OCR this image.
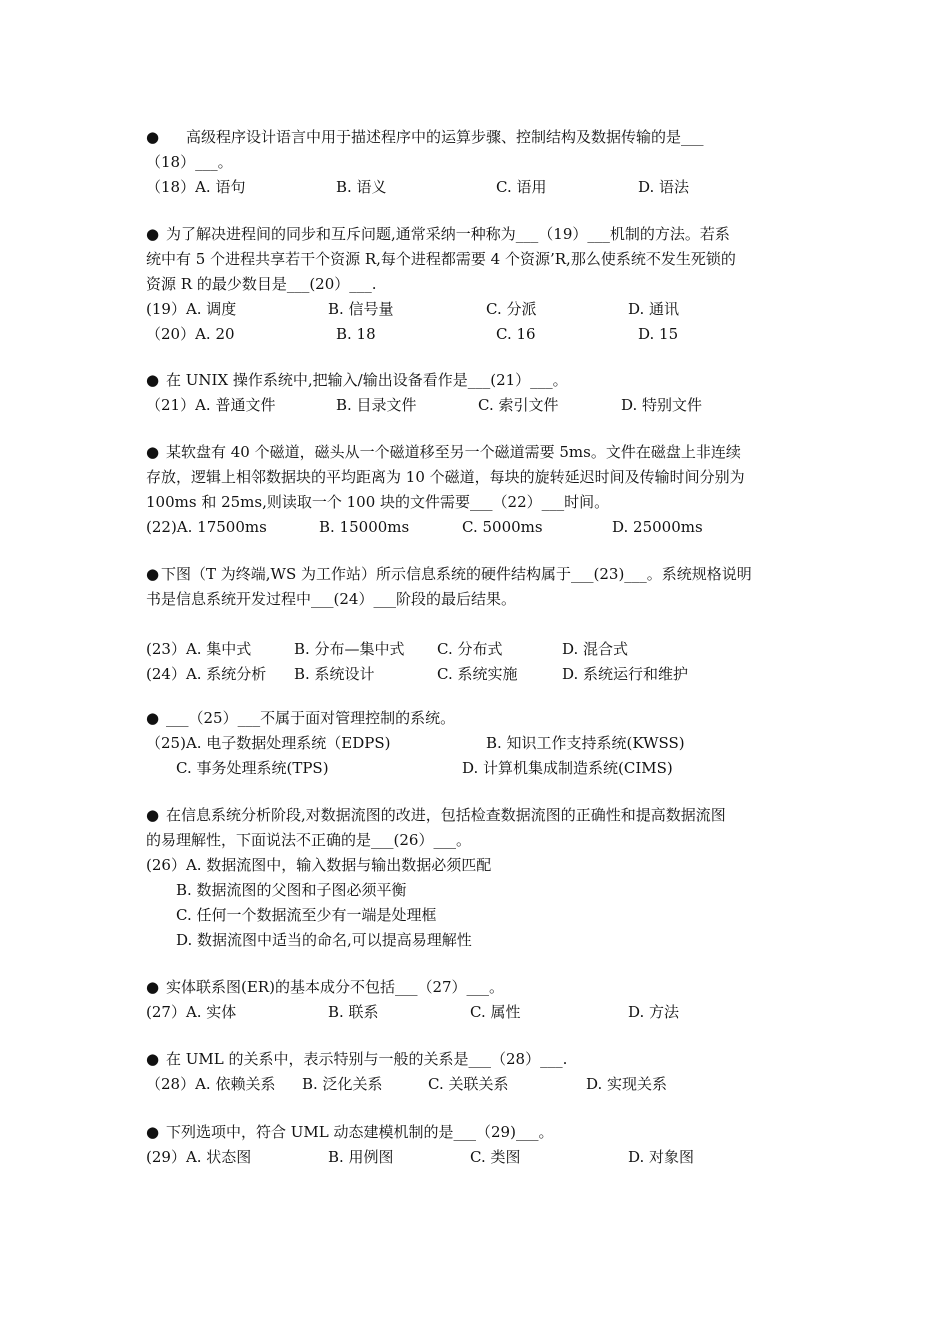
● 高级程序设计语言中用于描述程序中的运算步骤、控制结构及数据传输的是___
（18）___。
（18）A. 语句	B. 语义	C. 语用	D. 语法
● 为了解决进程间的同步和互斥问题,通常采纳一种称为___（19）___机制的方法。若系
统中有 5 个进程共享若干个资源 R,每个进程都需要 4 个资源’R,那么使系统不发生死锁的
资源 R 的最少数目是___(20）___.
(19）A. 调度	B. 信号量	C. 分派	D. 通讯
（20）A. 20	B. 18	C. 16	D. 15
● 在 UNIX 操作系统中,把输入/输出设备看作是___(21）___。
（21）A. 普通文件	B. 目录文件	C. 索引文件	D. 特别文件
● 某软盘有 40 个磁道，磁头从一个磁道移至另一个磁道需要 5ms。文件在磁盘上非连续
存放，逻辑上相邻数据块的平均距离为 10 个磁道，每块的旋转延迟时间及传输时间分别为
100ms 和 25ms,则读取一个 100 块的文件需要___（22）___时间。
(22)A. 17500ms	B. 15000ms	C. 5000ms	D. 25000ms
● 下图（T 为终端,WS 为工作站）所示信息系统的硬件结构属于___(23)___。系统规格说明
书是信息系统开发过程中___(24）___阶段的最后结果。
(23）A. 集中式	B. 分布—集中式 C. 分布式	D. 混合式
(24）A. 系统分析 B. 系统设计	C. 系统实施	D. 系统运行和维护
● ___（25）___不属于面对管理控制的系统。
（25)A. 电子数据处理系统（EDPS)	B. 知识工作支持系统(KWSS)
C. 事务处理系统(TPS)	D. 计算机集成制造系统(CIMS)
● 在信息系统分析阶段,对数据流图的改进，包括检查数据流图的正确性和提高数据流图
的易理解性，下面说法不正确的是___(26）___。
(26）A. 数据流图中，输入数据与输出数据必须匹配
B. 数据流图的父图和子图必须平衡
C. 任何一个数据流至少有一端是处理框
D. 数据流图中适当的命名,可以提高易理解性
● 实体联系图(ER)的基本成分不包括___（27）___。
(27）A. 实体	B. 联系	C. 属性	D. 方法
● 在 UML 的关系中，表示特别与一般的关系是___（28）___.
（28）A. 依赖关系 B. 泛化关系	C. 关联关系	D. 实现关系
● 下列选项中，符合 UML 动态建模机制的是___（29)___。
(29）A. 状态图	B. 用例图	C. 类图	D. 对象图
